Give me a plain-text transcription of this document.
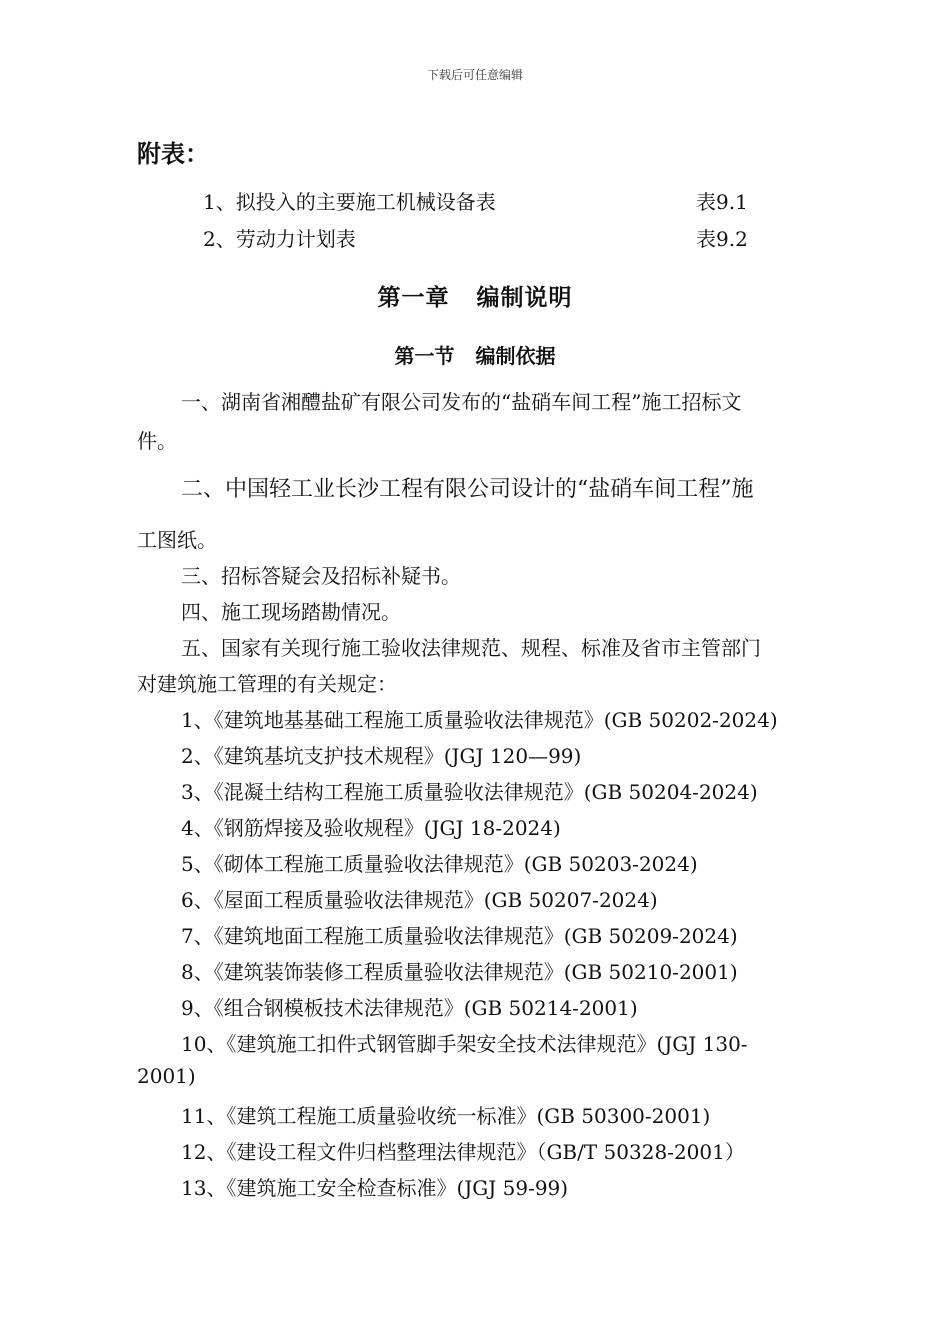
下载后可任意编辑
附表：
1、拟投入的主要施工机械设备表	表9.1
2、劳动力计划表	表9.2
第一章 编制说明
第一节 编制依据
一、湖南省湘醴盐矿有限公司发布的“盐硝车间工程”施工招标文
件。
二、中国轻工业长沙工程有限公司设计的“盐硝车间工程”施
工图纸。
三、招标答疑会及招标补疑书。
四、施工现场踏勘情况。
五、国家有关现行施工验收法律规范、规程、标准及省市主管部门
对建筑施工管理的有关规定：
1、《建筑地基基础工程施工质量验收法律规范》(GB 50202-2024)
2、《建筑基坑支护技术规程》(JGJ 120—99)
3、《混凝土结构工程施工质量验收法律规范》(GB 50204-2024)
4、《钢筋焊接及验收规程》(JGJ 18-2024)
5、《砌体工程施工质量验收法律规范》(GB 50203-2024)
6、《屋面工程质量验收法律规范》(GB 50207-2024)
7、《建筑地面工程施工质量验收法律规范》(GB 50209-2024)
8、《建筑装饰装修工程质量验收法律规范》(GB 50210-2001)
9、《组合钢模板技术法律规范》(GB 50214-2001)
10、《建筑施工扣件式钢管脚手架安全技术法律规范》(JGJ 130-
2001)
11、《建筑工程施工质量验收统一标准》(GB 50300-2001)
12、《建设工程文件归档整理法律规范》（GB/T 50328-2001）
13、《建筑施工安全检查标准》(JGJ 59-99)
